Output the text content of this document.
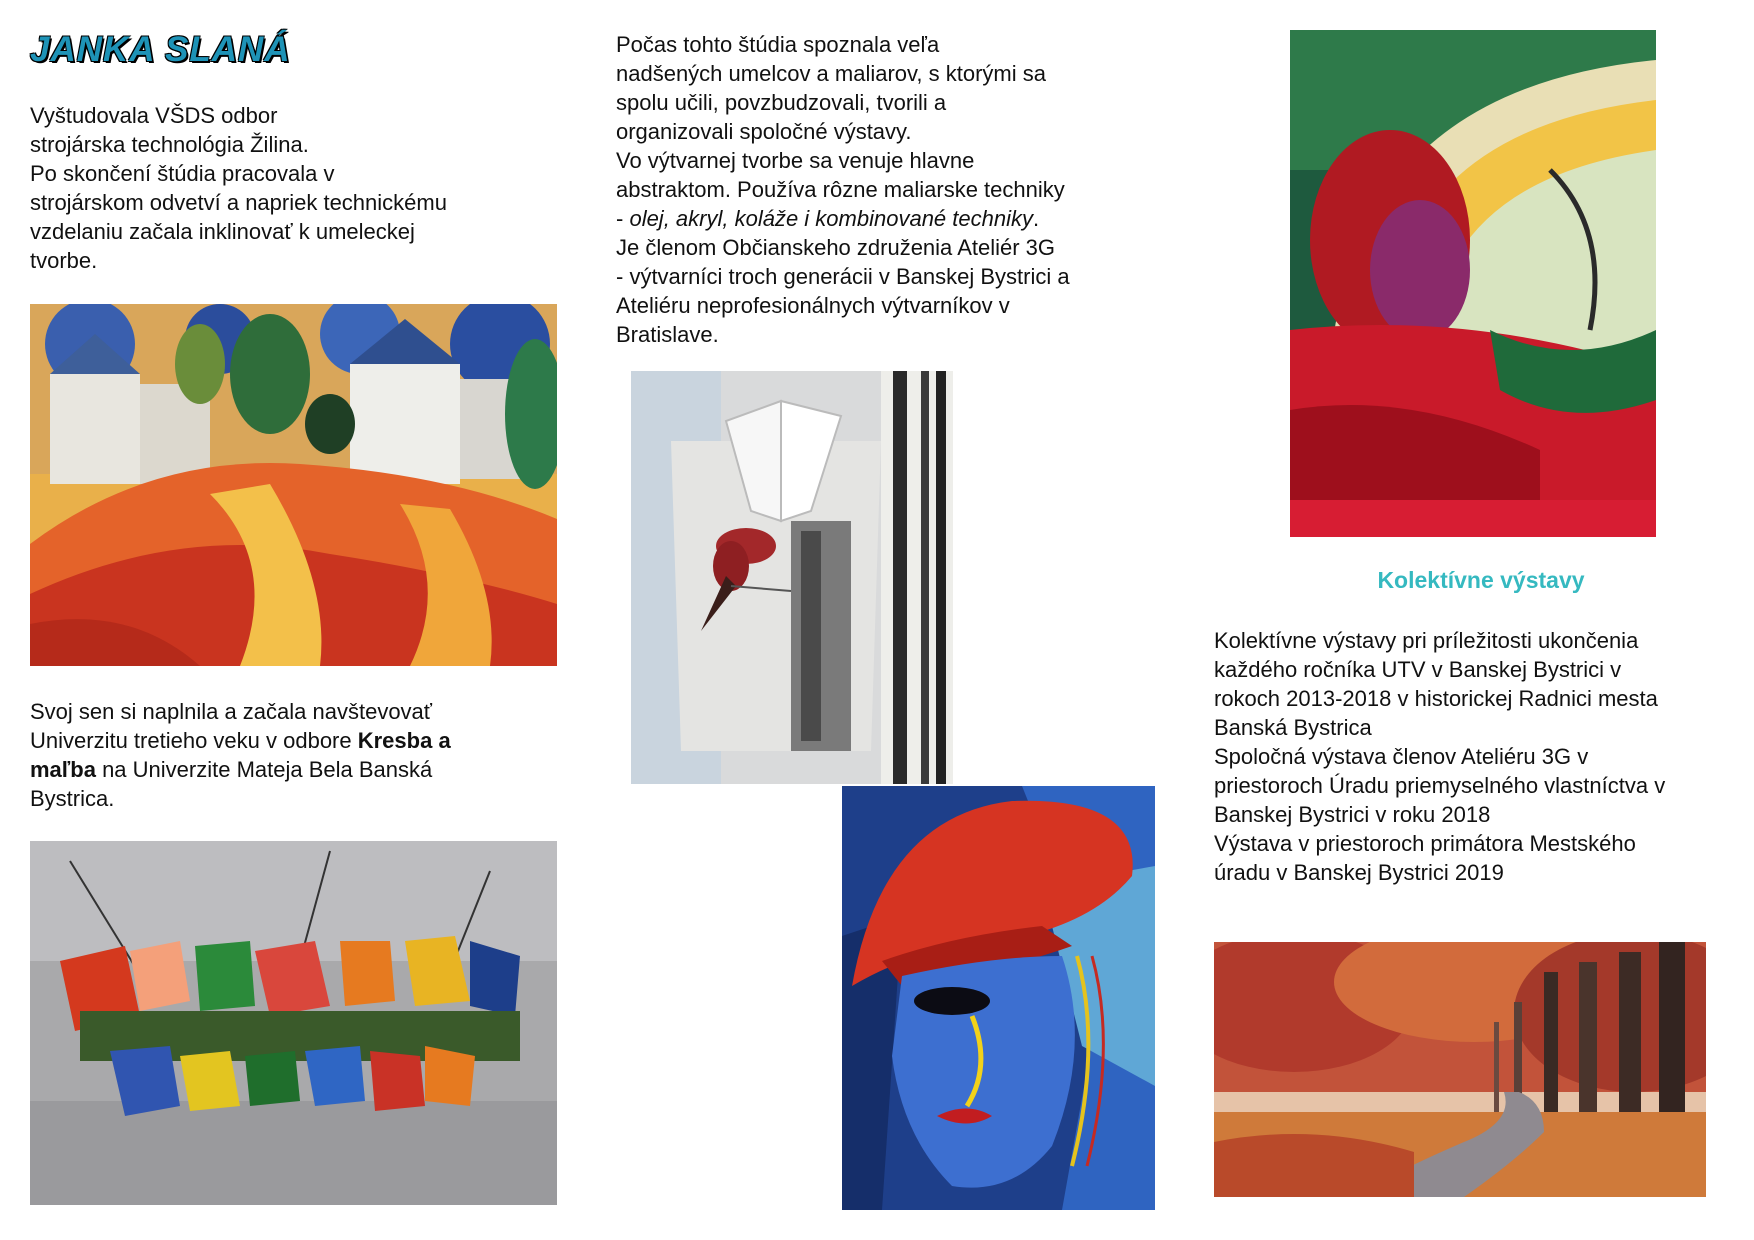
JANKA SLANÁ

Vyštudovala VŠDS odbor

strojárska technológia Žilina.

Po skončení štúdia pracovala v

strojárskom odvetví a napriek technickému

vzdelaniu začala inklinovať k umeleckej

tvorbe.

Svoj sen si naplnila a začala navštevovať

Univerzitu tretieho veku v odbore Kresba a

maľba na Univerzite Mateja Bela Banská

Bystrica.

Počas tohto štúdia spoznala veľa

nadšených umelcov a maliarov, s ktorými sa

spolu učili, povzbudzovali, tvorili a

organizovali spoločné výstavy.

Vo výtvarnej tvorbe sa venuje hlavne

abstraktom. Používa rôzne maliarske techniky

- olej, akryl, koláže i kombinované techniky.

Je členom Občianskeho združenia Ateliér 3G

- výtvarníci troch generácii v Banskej Bystrici a

Ateliéru neprofesionálnych výtvarníkov v

Bratislave.

Kolektívne výstavy

Kolektívne výstavy pri príležitosti ukončenia

každého ročníka UTV v Banskej Bystrici v

rokoch 2013-2018 v historickej Radnici mesta

Banská Bystrica

Spoločná výstava členov Ateliéru 3G v

priestoroch Úradu priemyselného vlastníctva v

Banskej Bystrici v roku 2018

Výstava v priestoroch primátora Mestského

úradu v Banskej Bystrici 2019
